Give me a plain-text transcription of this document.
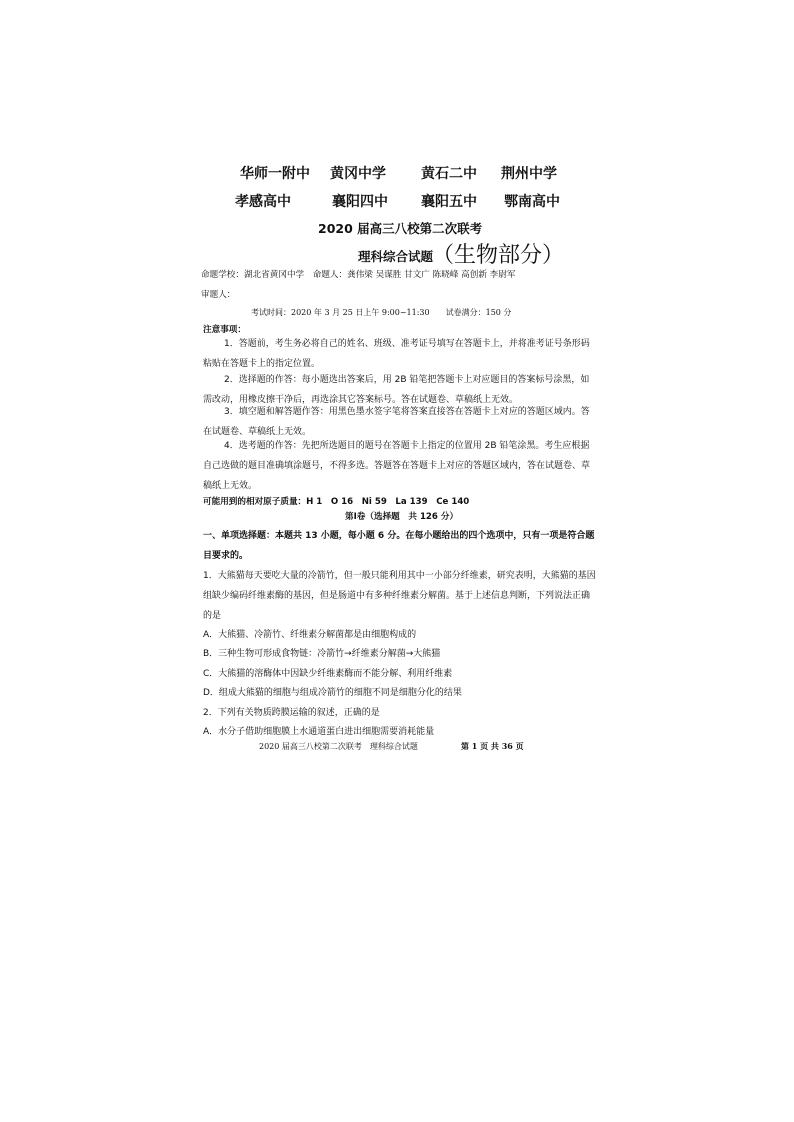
华师一附中 黄冈中学	黄石二中 荆州中学
孝感高中	襄阳四中 襄阳五中 鄂南高中
2020 届高三八校第二次联考
理科综合试题
（生物部分）
命题学校：湖北省黄冈中学　命题人：龚伟梁 吴谋胜 甘文广 陈晓峰 高创新 李尉军
审题人：
考试时间：2020 年 3 月 25 日上午 9:00~11:30　　试卷满分：150 分
注意事项：
1．答题前，考生务必将自己的姓名、班级、准考证号填写在答题卡上，并将准考证号条形码粘贴在答题卡上的指定位置。
2．选择题的作答：每小题选出答案后，用 2B 铅笔把答题卡上对应题目的答案标号涂黑，如需改动，用橡皮擦干净后，再选涂其它答案标号。答在试题卷、草稿纸上无效。
3．填空题和解答题作答：用黑色墨水签字笔将答案直接答在答题卡上对应的答题区域内。答在试题卷、草稿纸上无效。
4．选考题的作答：先把所选题目的题号在答题卡上指定的位置用 2B 铅笔涂黑。考生应根据自己选做的题目准确填涂题号，不得多选。答题答在答题卡上对应的答题区域内，答在试题卷、草稿纸上无效。
可能用到的相对原子质量：H 1　O 16　Ni 59　La 139　Ce 140
第Ⅰ卷（选择题　共 126 分）
一、单项选择题：本题共 13 小题，每小题 6 分。在每小题给出的四个选项中，只有一项是符合题目要求的。
1．大熊猫每天要吃大量的冷箭竹，但一般只能利用其中一小部分纤维素，研究表明，大熊猫的基因组缺少编码纤维素酶的基因，但是肠道中有多种纤维素分解菌。基于上述信息判断，下列说法正确的是
A．大熊猫、冷箭竹、纤维素分解菌都是由细胞构成的
B．三种生物可形成食物链：冷箭竹→纤维素分解菌→大熊猫
C．大熊猫的溶酶体中因缺少纤维素酶而不能分解、利用纤维素
D．组成大熊猫的细胞与组成冷箭竹的细胞不同是细胞分化的结果
2．下列有关物质跨膜运输的叙述，正确的是
A．水分子借助细胞膜上水通道蛋白进出细胞需要消耗能量
2020 届高三八校第二次联考　理科综合试题	第 1 页 共 36 页
